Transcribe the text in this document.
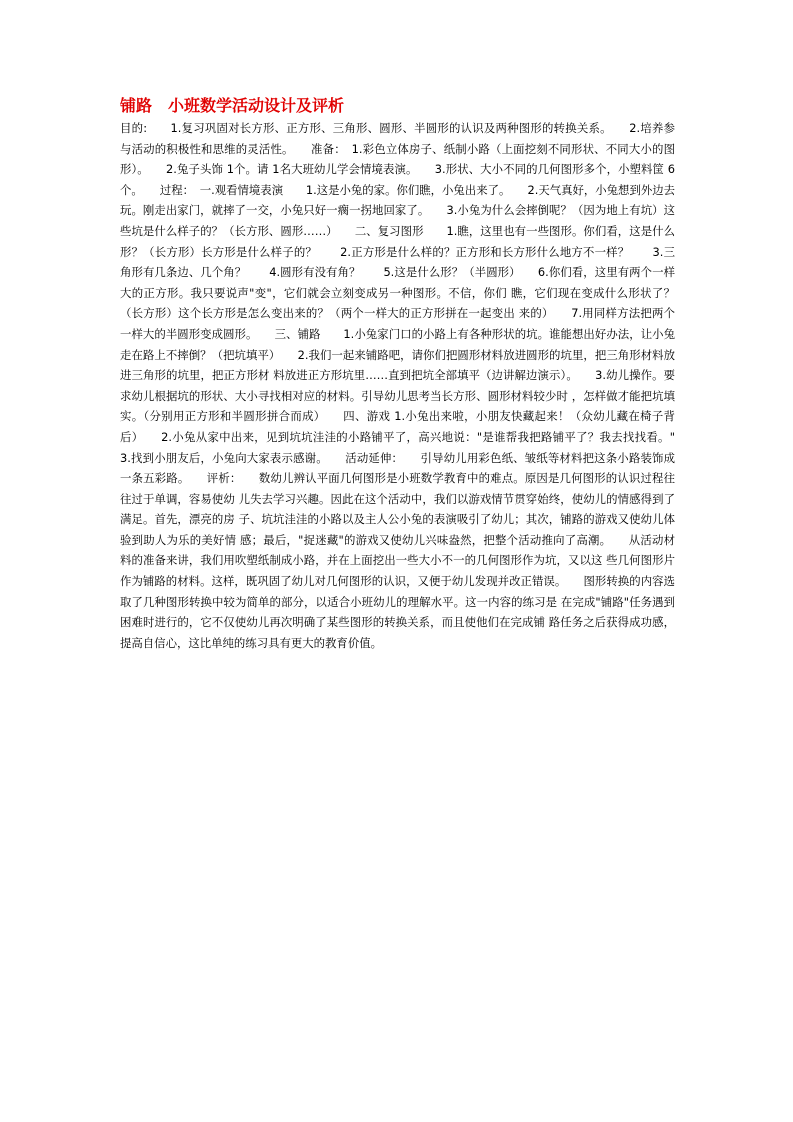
铺路　小班数学活动设计及评析

目的:　　1.复习巩固对长方形、正方形、三角形、圆形、半圆形的认识及两种图形的转换关系。　　2.培养参与活动的积极性和思维的灵活性。　　准备：　1.彩色立体房子、纸制小路（上面挖刻不同形状、不同大小的图形）。　　2.兔子头饰 1个。请 1名大班幼儿学会情境表演。　　3.形状、大小不同的几何图形多个，小塑料筐 6 个。　　过程：　一.观看情境表演　　1.这是小兔的家。你们瞧，小兔出来了。　　2.天气真好，小兔想到外边去玩。刚走出家门，就摔了一交，小兔只好一瘸一拐地回家了。　　3.小兔为什么会摔倒呢？（因为地上有坑）这些坑是什么样子的？（长方形、圆形……）　　二、复习图形　　1.瞧，这里也有一些图形。你们看，这是什么形？（长方形）长方形是什么样子的？　　2.正方形是什么样的？正方形和长方形什么地方不一样？　　3.三角形有几条边、几个角？　　4.圆形有没有角？　　5.这是什么形？（半圆形）　　6.你们看，这里有两个一样大的正方形。我只要说声"变"，它们就会立刻变成另一种图形。不信，你们 瞧，它们现在变成什么形状了？（长方形）这个长方形是怎么变出来的？（两个一样大的正方形拼在一起变出 来的）　　7.用同样方法把两个一样大的半圆形变成圆形。　　三、铺路　　1.小兔家门口的小路上有各种形状的坑。谁能想出好办法，让小兔走在路上不摔倒？（把坑填平）　　2.我们一起来铺路吧，请你们把圆形材料放进圆形的坑里，把三角形材料放进三角形的坑里，把正方形材 料放进正方形坑里……直到把坑全部填平（边讲解边演示）。　　3.幼儿操作。要求幼儿根据坑的形状、大小寻找相对应的材料。引导幼儿思考当长方形、圆形材料较少时 ，怎样做才能把坑填实。（分别用正方形和半圆形拼合而成）　　四、游戏 1.小兔出来啦，小朋友快藏起来！（众幼儿藏在椅子背后）　　2.小兔从家中出来，见到坑坑洼洼的小路铺平了，高兴地说："是谁帮我把路铺平了？我去找找看。"　　3.找到小朋友后，小兔向大家表示感谢。　　活动延伸：　　引导幼儿用彩色纸、皱纸等材料把这条小路装饰成一条五彩路。　　评析：　　数幼儿辨认平面几何图形是小班数学教育中的难点。原因是几何图形的认识过程往往过于单调，容易使幼 儿失去学习兴趣。因此在这个活动中，我们以游戏情节贯穿始终，使幼儿的情感得到了满足。首先，漂亮的房 子、坑坑洼洼的小路以及主人公小兔的表演吸引了幼儿；其次，铺路的游戏又使幼儿体验到助人为乐的美好情 感；最后，"捉迷藏"的游戏又使幼儿兴味盎然，把整个活动推向了高潮。　　从活动材料的准备来讲，我们用吹塑纸制成小路，并在上面挖出一些大小不一的几何图形作为坑，又以这 些几何图形片作为铺路的材料。这样，既巩固了幼儿对几何图形的认识，又便于幼儿发现并改正错误。　　图形转换的内容选取了几种图形转换中较为简单的部分，以适合小班幼儿的理解水平。这一内容的练习是 在完成"铺路"任务遇到困难时进行的，它不仅使幼儿再次明确了某些图形的转换关系，而且使他们在完成铺 路任务之后获得成功感，提高自信心，这比单纯的练习具有更大的教育价值。
